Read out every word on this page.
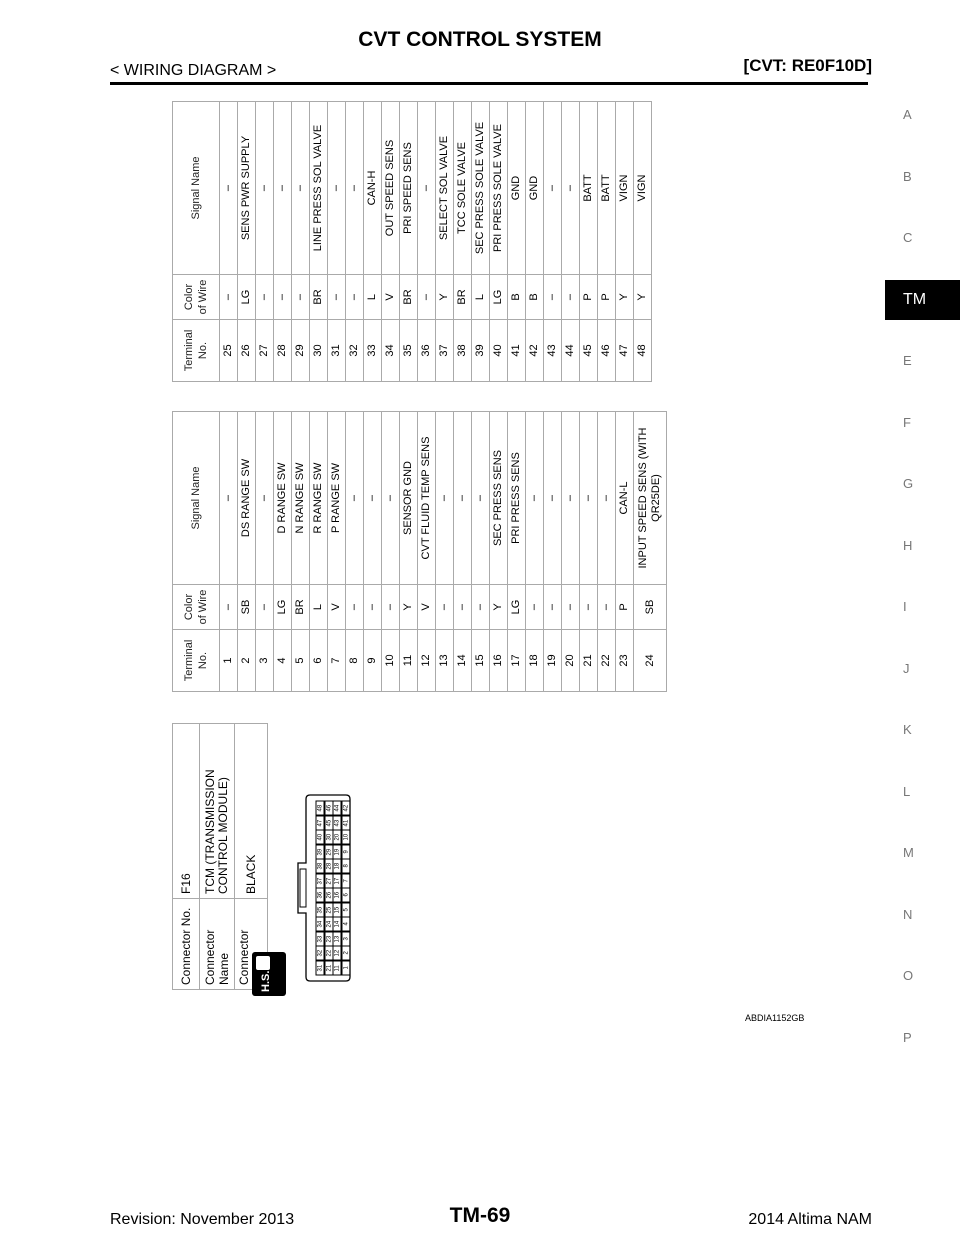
CVT CONTROL SYSTEM
< WIRING DIAGRAM >	[CVT: RE0F10D]
A
B
C
TM
E
F
G
H
I
J
K
L
M
N
O
P
Connector No.	F16
Connector Name	TCM (TRANSMISSION CONTROL MODULE)
Connector	BLACK
H.S.
31
32
33
34
35
36
37
38
39
40
47
48
21
22
23
24
25
26
27
28
29
30
45
46
11
12
13
14
15
16
17
18
19
20
43
44
1
2
3
4
5
6
7
8
9
10
41
42
Terminal No.	Color of Wire	Signal Name
1	–	–
2	SB	DS RANGE SW
3	–	–
4	LG	D RANGE SW
5	BR	N RANGE SW
6	L	R RANGE SW
7	V	P RANGE SW
8	–	–
9	–	–
10	–	–
11	Y	SENSOR GND
12	V	CVT FLUID TEMP SENS
13	–	–
14	–	–
15	–	–
16	Y	SEC PRESS SENS
17	LG	PRI PRESS SENS
18	–	–
19	–	–
20	–	–
21	–	–
22	–	–
23	P	CAN-L
24	SB	INPUT SPEED SENS (WITH QR25DE)
Terminal No.	Color of Wire	Signal Name
25	–	–
26	LG	SENS PWR SUPPLY
27	–	–
28	–	–
29	–	–
30	BR	LINE PRESS SOL VALVE
31	–	–
32	–	–
33	L	CAN-H
34	V	OUT SPEED SENS
35	BR	PRI SPEED SENS
36	–	–
37	Y	SELECT SOL VALVE
38	BR	TCC SOLE VALVE
39	L	SEC PRESS SOLE VALVE
40	LG	PRI PRESS SOLE VALVE
41	B	GND
42	B	GND
43	–	–
44	–	–
45	P	BATT
46	P	BATT
47	Y	VIGN
48	Y	VIGN
ABDIA1152GB
Revision: November 2013	TM-69	2014 Altima NAM
